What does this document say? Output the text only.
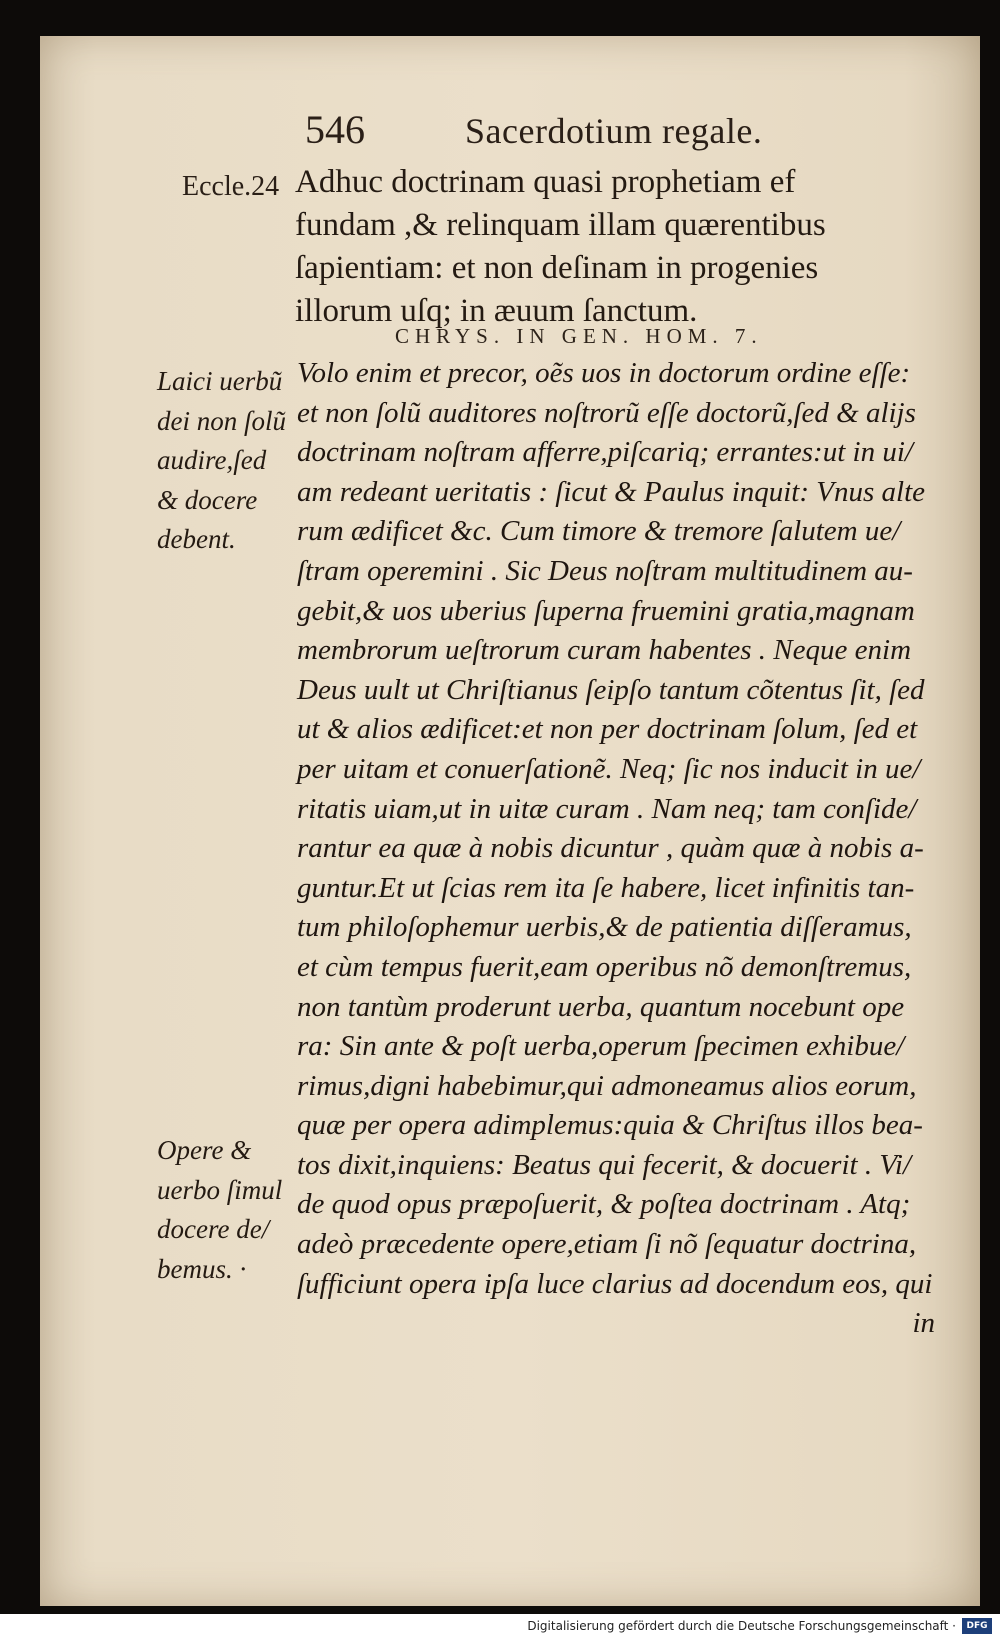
546	Sacerdotium regale.
Eccle.24 Adhuc doctrinam quasi prophetiam ef
fundam ,& relinquam illam quærentibus
ſapientiam: et non deſinam in progenies
illorum uſq; in æuum ſanctum.
CHRYS. IN GEN. HOM. 7.
Laici uerbũ
dei non ſolũ
audire,ſed
& docere
debent.
Opere &
uerbo ſimul
docere de/
bemus. ·
Volo enim et precor, oẽs uos in doctorum ordine eſſe:
et non ſolũ auditores noſtrorũ eſſe doctorũ,ſed & alijs
doctrinam noſtram afferre,piſcariq; errantes:ut in ui/
am redeant ueritatis : ſicut & Paulus inquit: Vnus alte
rum ædificet &c. Cum timore & tremore ſalutem ue/
ſtram operemini . Sic Deus noſtram multitudinem au-
gebit,& uos uberius ſuperna fruemini gratia,magnam
membrorum ueſtrorum curam habentes . Neque enim
Deus uult ut Chriſtianus ſeipſo tantum cõtentus ſit, ſed
ut & alios ædificet:et non per doctrinam ſolum, ſed et
per uitam et conuerſationẽ. Neq; ſic nos inducit in ue/
ritatis uiam,ut in uitæ curam . Nam neq; tam conſide/
rantur ea quæ à nobis dicuntur , quàm quæ à nobis a-
guntur.Et ut ſcias rem ita ſe habere, licet infinitis tan-
tum philoſophemur uerbis,& de patientia diſſeramus,
et cùm tempus fuerit,eam operibus nõ demonſtremus,
non tantùm proderunt uerba, quantum nocebunt ope
ra: Sin ante & poſt uerba,operum ſpecimen exhibue/
rimus,digni habebimur,qui admoneamus alios eorum,
quæ per opera adimplemus:quia & Chriſtus illos bea-
tos dixit,inquiens: Beatus qui fecerit, & docuerit . Vi/
de quod opus præpoſuerit, & poſtea doctrinam . Atq;
adeò præcedente opere,etiam ſi nõ ſequatur doctrina,
ſufficiunt opera ipſa luce clarius ad docendum eos, qui
in
Digitalisierung gefördert durch die Deutsche Forschungsgemeinschaft ·	DFG
